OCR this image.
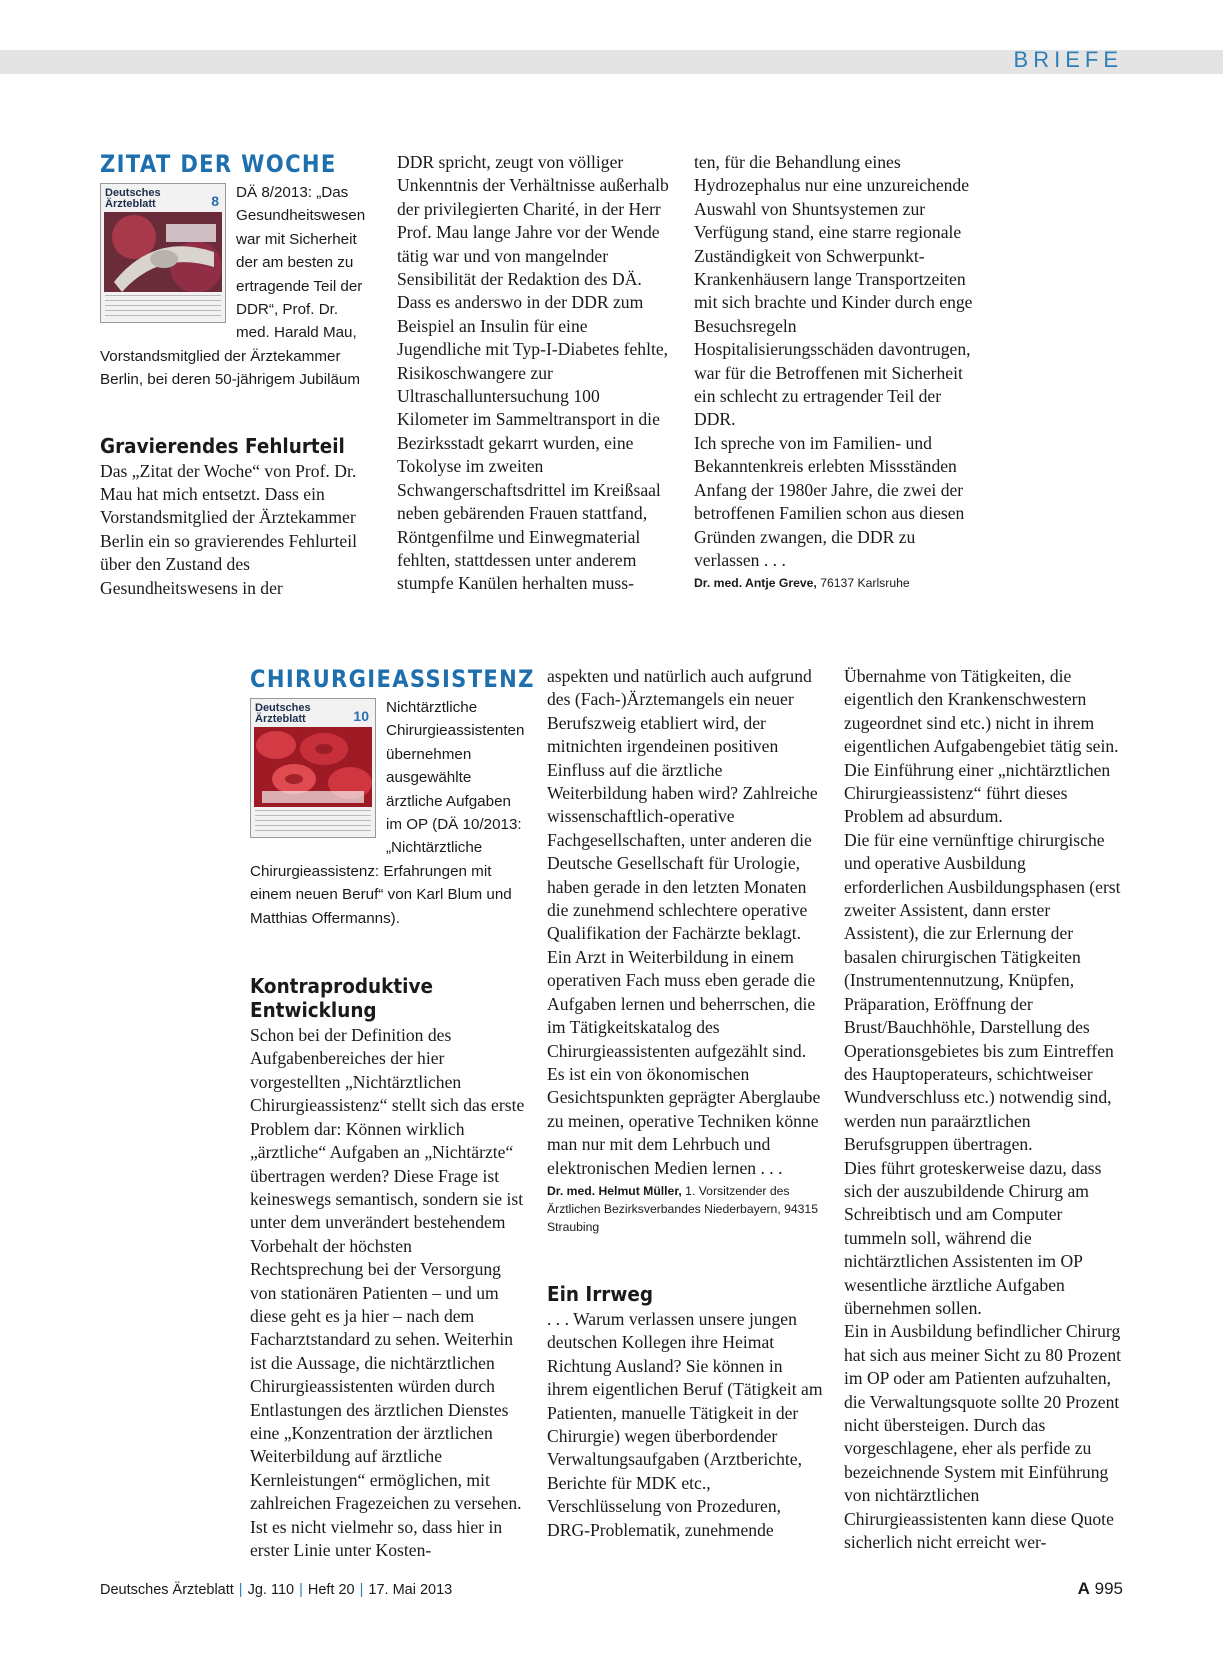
BRIEFE
ZITAT DER WOCHE
Deutsches Ärzteblatt	8	DÄ 8/2013: „Das Gesundheitswesen war mit Sicherheit der am besten zu ertragende Teil der DDR“, Prof. Dr. med. Harald Mau, Vorstandsmitglied der Ärztekammer Berlin, bei deren 50-jährigem Jubiläum

Gravierendes Fehlurteil

Das „Zitat der Woche“ von Prof. Dr. Mau hat mich entsetzt. Dass ein Vorstandsmitglied der Ärztekammer Berlin ein so gravierendes Fehlurteil über den Zustand des Gesundheitswesens in der

DDR spricht, zeugt von völliger Unkenntnis der Verhältnisse außerhalb der privilegierten Charité, in der Herr Prof. Mau lange Jahre vor der Wende tätig war und von mangelnder Sensibilität der Redaktion des DÄ. Dass es anderswo in der DDR zum Beispiel an Insulin für eine Jugendliche mit Typ-I-Diabetes fehlte, Risikoschwangere zur Ultraschalluntersuchung 100 Kilometer im Sammeltransport in die Bezirksstadt gekarrt wurden, eine Tokolyse im zweiten Schwangerschaftsdrittel im Kreißsaal neben gebärenden Frauen stattfand, Röntgenfilme und Einwegmaterial fehlten, stattdessen unter anderem stumpfe Kanülen herhalten muss-

ten, für die Behandlung eines Hydrozephalus nur eine unzureichende Auswahl von Shuntsystemen zur Verfügung stand, eine starre regionale Zuständigkeit von Schwerpunkt-Krankenhäusern lange Transportzeiten mit sich brachte und Kinder durch enge Besuchsregeln Hospitalisierungsschäden davontrugen, war für die Betroffenen mit Sicherheit ein schlecht zu ertragender Teil der DDR.

Ich spreche von im Familien- und Bekanntenkreis erlebten Missständen Anfang der 1980er Jahre, die zwei der betroffenen Familien schon aus diesen Gründen zwangen, die DDR zu verlassen . . .

Dr. med. Antje Greve, 76137 Karlsruhe
CHIRURGIEASSISTENZ
Deutsches Ärzteblatt	10	Nichtärztliche Chirurgieassistenten übernehmen ausgewählte ärztliche Aufgaben im OP (DÄ 10/2013: „Nichtärztliche Chirurgieassistenz: Erfahrungen mit einem neuen Beruf“ von Karl Blum und Matthias Offermanns).

Kontraproduktive Entwicklung

Schon bei der Definition des Aufgabenbereiches der hier vorgestellten „Nichtärztlichen Chirurgieassistenz“ stellt sich das erste Problem dar: Können wirklich „ärztliche“ Aufgaben an „Nichtärzte“ übertragen werden? Diese Frage ist keineswegs semantisch, sondern sie ist unter dem unverändert bestehendem Vorbehalt der höchsten Rechtsprechung bei der Versorgung von stationären Patienten – und um diese geht es ja hier – nach dem Facharztstandard zu sehen. Weiterhin ist die Aussage, die nichtärztlichen Chirurgieassistenten würden durch Entlastungen des ärztlichen Dienstes eine „Konzentration der ärztlichen Weiterbildung auf ärztliche Kernleistungen“ ermöglichen, mit zahlreichen Fragezeichen zu versehen. Ist es nicht vielmehr so, dass hier in erster Linie unter Kosten-

aspekten und natürlich auch aufgrund des (Fach-)Ärztemangels ein neuer Berufszweig etabliert wird, der mitnichten irgendeinen positiven Einfluss auf die ärztliche Weiterbildung haben wird? Zahlreiche wissenschaftlich-operative Fachgesellschaften, unter anderen die Deutsche Gesellschaft für Urologie, haben gerade in den letzten Monaten die zunehmend schlechtere operative Qualifikation der Fachärzte beklagt. Ein Arzt in Weiterbildung in einem operativen Fach muss eben gerade die Aufgaben lernen und beherrschen, die im Tätigkeitskatalog des Chirurgieassistenten aufgezählt sind. Es ist ein von ökonomischen Gesichtspunkten geprägter Aberglaube zu meinen, operative Techniken könne man nur mit dem Lehrbuch und elektronischen Medien lernen . . .

Dr. med. Helmut Müller, 1. Vorsitzender des Ärztlichen Bezirksverbandes Niederbayern, 94315 Straubing
Ein Irrweg

. . . Warum verlassen unsere jungen deutschen Kollegen ihre Heimat Richtung Ausland? Sie können in ihrem eigentlichen Beruf (Tätigkeit am Patienten, manuelle Tätigkeit in der Chirurgie) wegen überbordender Verwaltungsaufgaben (Arztberichte, Berichte für MDK etc., Verschlüsselung von Prozeduren, DRG-Problematik, zunehmende

Übernahme von Tätigkeiten, die eigentlich den Krankenschwestern zugeordnet sind etc.) nicht in ihrem eigentlichen Aufgabengebiet tätig sein. Die Einführung einer „nichtärztlichen Chirurgieassistenz“ führt dieses Problem ad absurdum.

Die für eine vernünftige chirurgische und operative Ausbildung erforderlichen Ausbildungsphasen (erst zweiter Assistent, dann erster Assistent), die zur Erlernung der basalen chirurgischen Tätigkeiten (Instrumentennutzung, Knüpfen, Präparation, Eröffnung der Brust/Bauchhöhle, Darstellung des Operationsgebietes bis zum Eintreffen des Hauptoperateurs, schichtweiser Wundverschluss etc.) notwendig sind, werden nun paraärztlichen Berufsgruppen übertragen.

Dies führt groteskerweise dazu, dass sich der auszubildende Chirurg am Schreibtisch und am Computer tummeln soll, während die nichtärztlichen Assistenten im OP wesentliche ärztliche Aufgaben übernehmen sollen.

Ein in Ausbildung befindlicher Chirurg hat sich aus meiner Sicht zu 80 Prozent im OP oder am Patienten aufzuhalten, die Verwaltungsquote sollte 20 Prozent nicht übersteigen. Durch das vorgeschlagene, eher als perfide zu bezeichnende System mit Einführung von nichtärztlichen Chirurgieassistenten kann diese Quote sicherlich nicht erreicht wer-

Deutsches Ärzteblatt | Jg. 110 | Heft 20 | 17. Mai 2013	A 995
